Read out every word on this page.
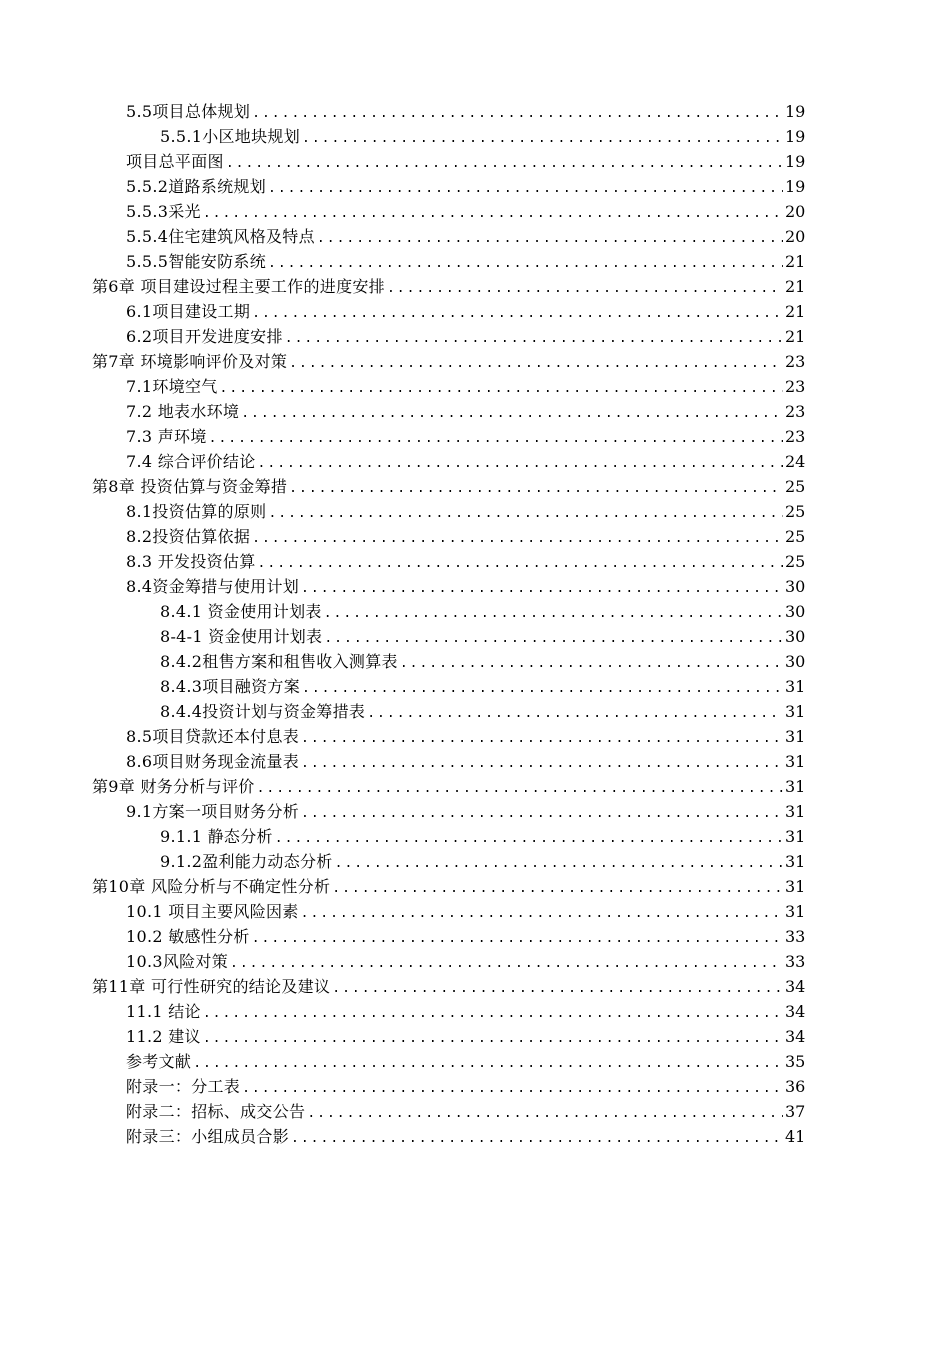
5.5项目总体规划 .....	19
5.5.1小区地块规划 .....	19
项目总平面图 .....	19
5.5.2道路系统规划 .....	19
5.5.3采光 .....	20
5.5.4住宅建筑风格及特点 .....	20
5.5.5智能安防系统 .....	21
第6章 项目建设过程主要工作的进度安排 .....	21
6.1项目建设工期 .....	21
6.2项目开发进度安排 .....	21
第7章 环境影响评价及对策 .....	23
7.1环境空气 .....	23
7.2 地表水环境 .....	23
7.3 声环境 .....	23
7.4 综合评价结论 .....	24
第8章 投资估算与资金筹措 .....	25
8.1投资估算的原则 .....	25
8.2投资估算依据 .....	25
8.3 开发投资估算 .....	25
8.4资金筹措与使用计划 .....	30
8.4.1 资金使用计划表 .....	30
8-4-1 资金使用计划表 .....	30
8.4.2租售方案和租售收入测算表 .....	30
8.4.3项目融资方案 .....	31
8.4.4投资计划与资金筹措表 .....	31
8.5项目贷款还本付息表 .....	31
8.6项目财务现金流量表 .....	31
第9章 财务分析与评价 .....	31
9.1方案一项目财务分析 .....	31
9.1.1 静态分析 .....	31
9.1.2盈利能力动态分析 .....	31
第10章 风险分析与不确定性分析 .....	31
10.1 项目主要风险因素 .....	31
10.2 敏感性分析 .....	33
10.3风险对策 .....	33
第11章 可行性研究的结论及建议 .....	34
11.1 结论 .....	34
11.2 建议 .....	34
参考文献 .....	35
附录一：分工表 .....	36
附录二：招标、成交公告 .....	37
附录三：小组成员合影 .....	41
